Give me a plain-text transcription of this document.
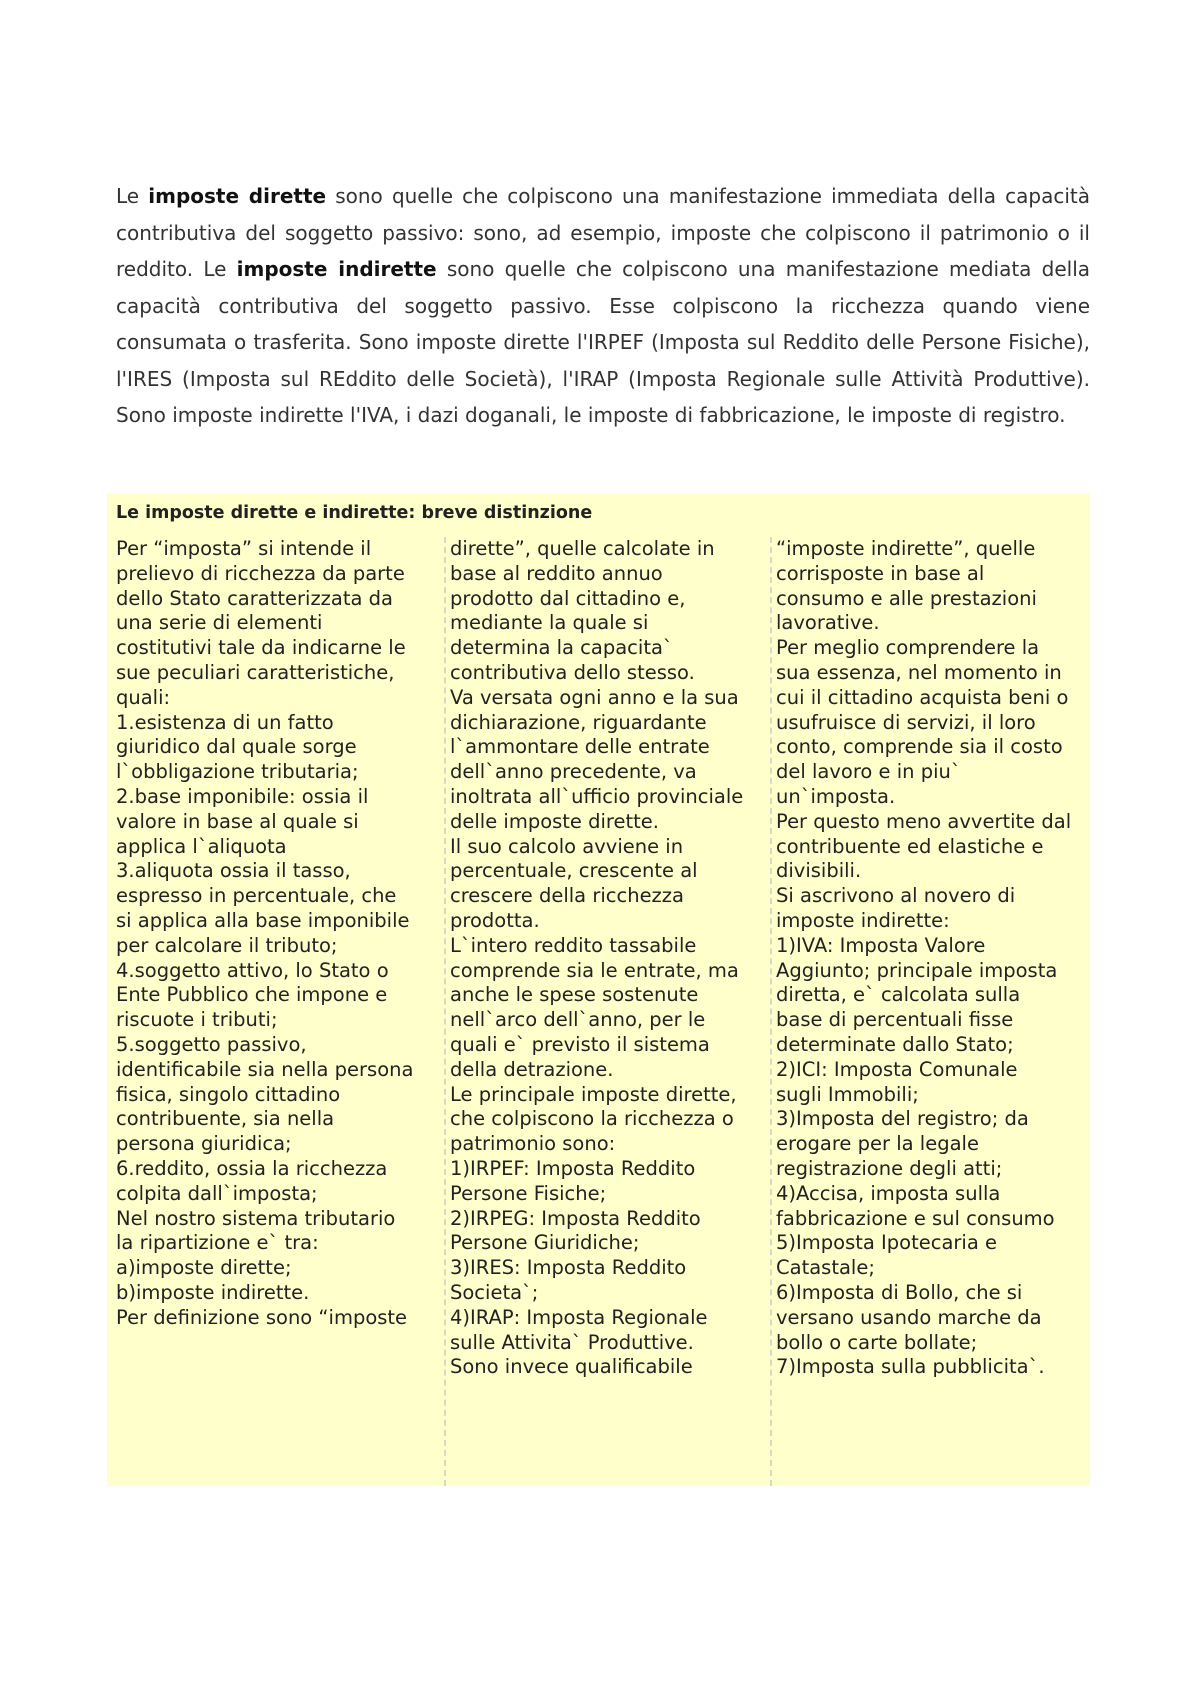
Le imposte dirette sono quelle che colpiscono una manifestazione immediata della capacità contributiva del soggetto passivo: sono, ad esempio, imposte che colpiscono il patrimonio o il reddito. Le imposte indirette sono quelle che colpiscono una manifestazione mediata della capacità contributiva del soggetto passivo. Esse colpiscono la ricchezza quando viene consumata o trasferita. Sono imposte dirette l'IRPEF (Imposta sul Reddito delle Persone Fisiche), l'IRES (Imposta sul REddito delle Società), l'IRAP (Imposta Regionale sulle Attività Produttive). Sono imposte indirette l'IVA, i dazi doganali, le imposte di fabbricazione, le imposte di registro.

Le imposte dirette e indirette: breve distinzione
Per “imposta” si intende il
prelievo di ricchezza da parte
dello Stato caratterizzata da
una serie di elementi
costitutivi tale da indicarne le
sue peculiari caratteristiche,
quali:
1.esistenza di un fatto
giuridico dal quale sorge
l`obbligazione tributaria;
2.base imponibile: ossia il
valore in base al quale si
applica l`aliquota
3.aliquota ossia il tasso,
espresso in percentuale, che
si applica alla base imponibile
per calcolare il tributo;
4.soggetto attivo, lo Stato o
Ente Pubblico che impone e
riscuote i tributi;
5.soggetto passivo,
identificabile sia nella persona
fisica, singolo cittadino
contribuente, sia nella
persona giuridica;
6.reddito, ossia la ricchezza
colpita dall`imposta;
Nel nostro sistema tributario
la ripartizione e` tra:
a)imposte dirette;
b)imposte indirette.
Per definizione sono “imposte
dirette”, quelle calcolate in
base al reddito annuo
prodotto dal cittadino e,
mediante la quale si
determina la capacita`
contributiva dello stesso.
Va versata ogni anno e la sua
dichiarazione, riguardante
l`ammontare delle entrate
dell`anno precedente, va
inoltrata all`ufficio provinciale
delle imposte dirette.
Il suo calcolo avviene in
percentuale, crescente al
crescere della ricchezza
prodotta.
L`intero reddito tassabile
comprende sia le entrate, ma
anche le spese sostenute
nell`arco dell`anno, per le
quali e` previsto il sistema
della detrazione.
Le principale imposte dirette,
che colpiscono la ricchezza o
patrimonio sono:
1)IRPEF: Imposta Reddito
Persone Fisiche;
2)IRPEG: Imposta Reddito
Persone Giuridiche;
3)IRES: Imposta Reddito
Societa`;
4)IRAP: Imposta Regionale
sulle Attivita` Produttive.
Sono invece qualificabile
“imposte indirette”, quelle
corrisposte in base al
consumo e alle prestazioni
lavorative.
Per meglio comprendere la
sua essenza, nel momento in
cui il cittadino acquista beni o
usufruisce di servizi, il loro
conto, comprende sia il costo
del lavoro e in piu`
un`imposta.
Per questo meno avvertite dal
contribuente ed elastiche e
divisibili.
Si ascrivono al novero di
imposte indirette:
1)IVA: Imposta Valore
Aggiunto; principale imposta
diretta, e` calcolata sulla
base di percentuali fisse
determinate dallo Stato;
2)ICI: Imposta Comunale
sugli Immobili;
3)Imposta del registro; da
erogare per la legale
registrazione degli atti;
4)Accisa, imposta sulla
fabbricazione e sul consumo
5)Imposta Ipotecaria e
Catastale;
6)Imposta di Bollo, che si
versano usando marche da
bollo o carte bollate;
7)Imposta sulla pubblicita`.
